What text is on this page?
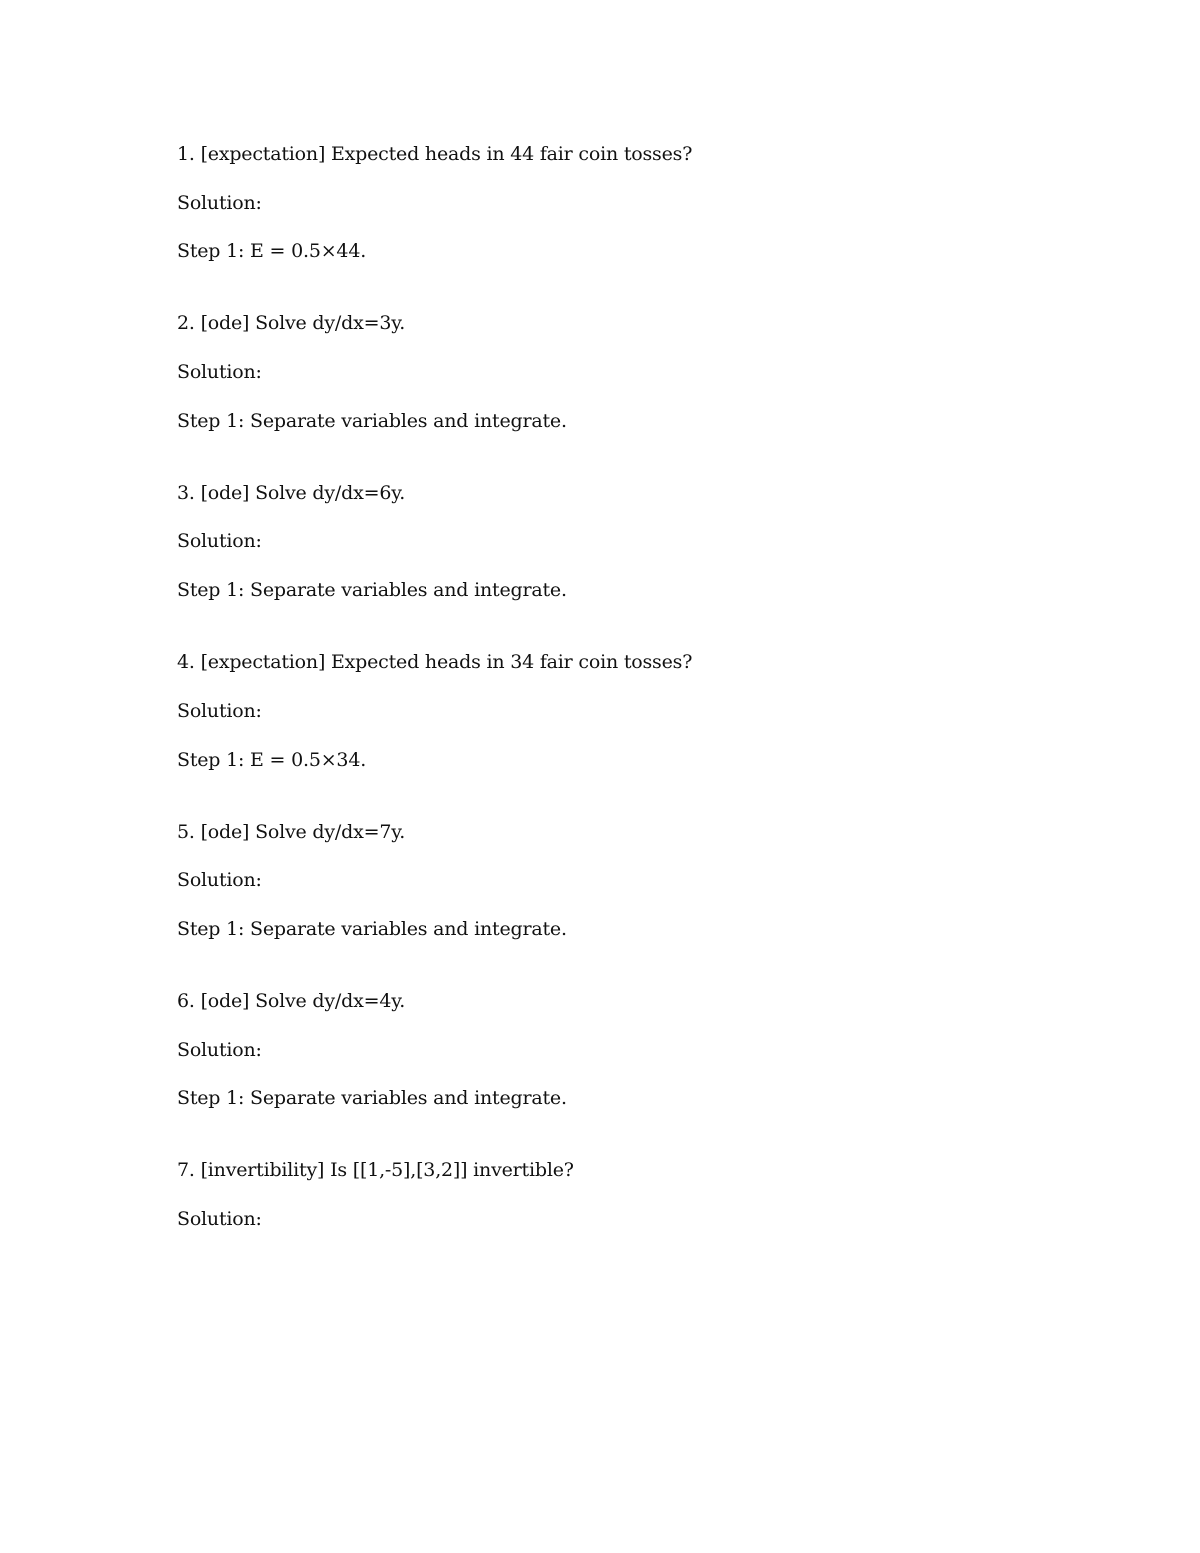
1. [expectation] Expected heads in 44 fair coin tosses?
Solution:
Step 1: E = 0.5×44.
2. [ode] Solve dy/dx=3y.
Solution:
Step 1: Separate variables and integrate.
3. [ode] Solve dy/dx=6y.
Solution:
Step 1: Separate variables and integrate.
4. [expectation] Expected heads in 34 fair coin tosses?
Solution:
Step 1: E = 0.5×34.
5. [ode] Solve dy/dx=7y.
Solution:
Step 1: Separate variables and integrate.
6. [ode] Solve dy/dx=4y.
Solution:
Step 1: Separate variables and integrate.
7. [invertibility] Is [[1,-5],[3,2]] invertible?
Solution:
